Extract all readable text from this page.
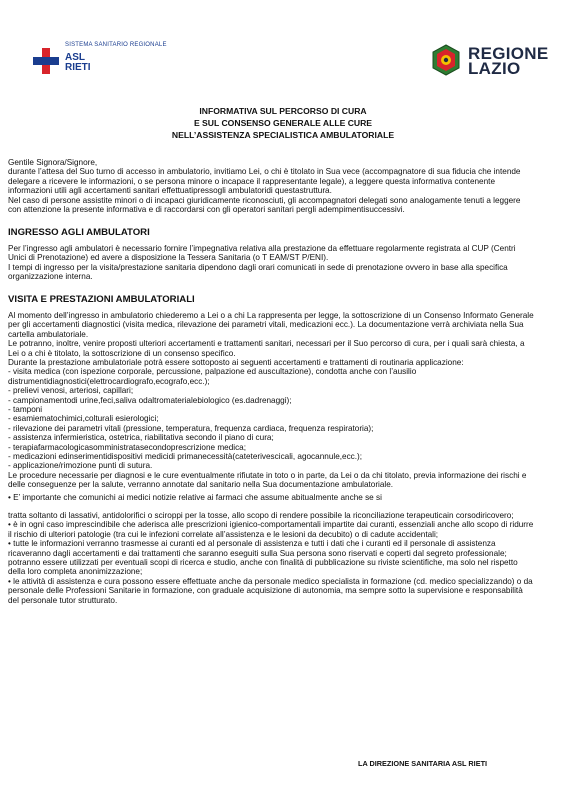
SISTEMA SANITARIO REGIONALE
ASL
RIETI
REGIONE
LAZIO
INFORMATIVA SUL PERCORSO DI CURA
E SUL CONSENSO GENERALE ALLE CURE
NELL’ASSISTENZA SPECIALISTICA AMBULATORIALE

Gentile Signora/Signore,

durante l’attesa del Suo turno di accesso in ambulatorio, invitiamo Lei, o chi è titolato in Sua vece (accompagnatore di sua fiducia che intende delegare a ricevere le informazioni, o se persona minore o incapace il rappresentante legale), a leggere questa informativa contenente informazioni utili agli accertamenti sanitari effettuatipressogli ambulatoridi questastruttura.

Nel caso di persone assistite minori o di incapaci giuridicamente riconosciuti, gli accompagnatori delegati sono analogamente tenuti a leggere con attenzione la presente informativa e di raccordarsi con gli operatori sanitari pergli adempimentisuccessivi.

INGRESSO AGLI AMBULATORI

Per l’ingresso agli ambulatori è necessario fornire l’impegnativa relativa alla prestazione da effettuare regolarmente registrata al CUP (Centri Unici di Prenotazione) ed avere a disposizione la Tessera Sanitaria (o T EAM/ST P/ENI).

I tempi di ingresso per la visita/prestazione sanitaria dipendono dagli orari comunicati in sede di prenotazione ovvero in base alla specifica organizzazione interna.

VISITA E PRESTAZIONI AMBULATORIALI

Al momento dell’ingresso in ambulatorio chiederemo a Lei o a chi La rappresenta per legge, la sottoscrizione di un Consenso Informato Generale per gli accertamenti diagnostici (visita medica, rilevazione dei parametri vitali, medicazioni ecc.). La documentazione verrà archiviata nella Sua cartella ambulatoriale.

Le potranno, inoltre, venire proposti ulteriori accertamenti e trattamenti sanitari, necessari per il Suo percorso di cura, per i quali sarà chiesta, a Lei o a chi è titolato, la sottoscrizione di un consenso specifico.

Durante la prestazione ambulatoriale potrà essere sottoposto ai seguenti accertamenti e trattamenti di routinaria applicazione:

- visita medica (con ispezione corporale, percussione, palpazione ed auscultazione), condotta anche con l’ausilio distrumentidiagnostici(elettrocardiografo,ecografo,ecc.);
- prelievi venosi, arteriosi, capillari;
- campionamentodi urine,feci,saliva odaltromaterialebiologico (es.dadrenaggi);
- tamponi
- esamiematochimici,colturali esierologici;
- rilevazione dei parametri vitali (pressione, temperatura, frequenza cardiaca, frequenza respiratoria);
- assistenza infermieristica, ostetrica, riabilitativa secondo il piano di cura;
- terapiafarmacologicasomministratasecondoprescrizione medica;
- medicazioni edinserimentidispositivi medicidi primanecessità(cateterivescicali, agocannule,ecc.);
- applicazione/rimozione punti di sutura.

Le procedure necessarie per diagnosi e le cure eventualmente rifiutate in toto o in parte, da Lei o da chi titolato, previa informazione dei rischi e delle conseguenze per la salute, verranno annotate dal sanitario nella Sua documentazione ambulatoriale.

• E’ importante che comunichi ai medici notizie relative ai farmaci che assume abitualmente anche se si

tratta soltanto di lassativi, antidolorifici o sciroppi per la tosse, allo scopo di rendere possibile la riconciliazione terapeuticain corsodiricovero;

• è in ogni caso imprescindibile che aderisca alle prescrizioni igienico-comportamentali impartite dai curanti, essenziali anche allo scopo di ridurre il rischio di ulteriori patologie (tra cui le infezioni correlate all’assistenza e le lesioni da decubito) o di cadute accidentali;

• tutte le informazioni verranno trasmesse ai curanti ed al personale di assistenza e tutti i dati che i curanti ed il personale di assistenza ricaveranno dagli accertamenti e dai trattamenti che saranno eseguiti sulla Sua persona sono riservati e coperti dal segreto professionale; potranno essere utilizzati per eventuali scopi di ricerca e studio, anche con finalità di pubblicazione su riviste scientifiche, ma solo nel rispetto della loro completa anonimizzazione;

• le attività di assistenza e cura possono essere effettuate anche da personale medico specialista in formazione (cd. medico specializzando) o da personale delle Professioni Sanitarie in formazione, con graduale acquisizione di autonomia, ma sempre sotto la supervisione e responsabilità del personale tutor strutturato.

LA DIREZIONE SANITARIA ASL RIETI
